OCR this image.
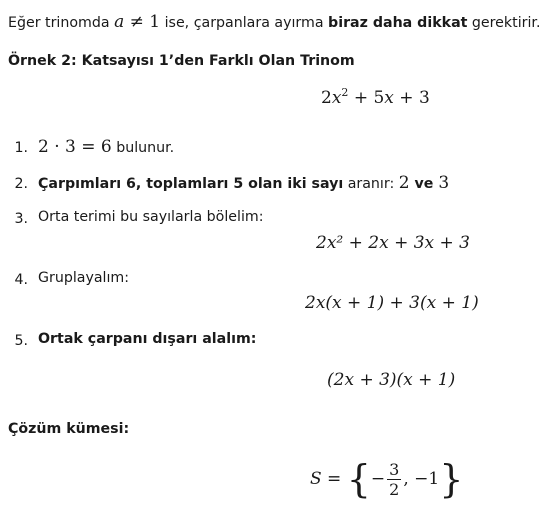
Eğer trinomda a ≠ 1 ise, çarpanlara ayırma biraz daha dikkat gerektirir.
Örnek 2: Katsayısı 1’den Farklı Olan Trinom
$2x^2 + 5x + 3$
1. 2 · 3 = 6 bulunur.
2. Çarpımları 6, toplamları 5 olan iki sayı aranır: 2 ve 3
3. Orta terimi bu sayılarla bölelim:
2x² + 2x + 3x + 3
4. Gruplayalım:
2x(x + 1) + 3(x + 1)
5. Ortak çarpanı dışarı alalım:
(2x + 3)(x + 1)
Çözüm kümesi:
S = { − $\frac{3}{2}$ , −1 }
